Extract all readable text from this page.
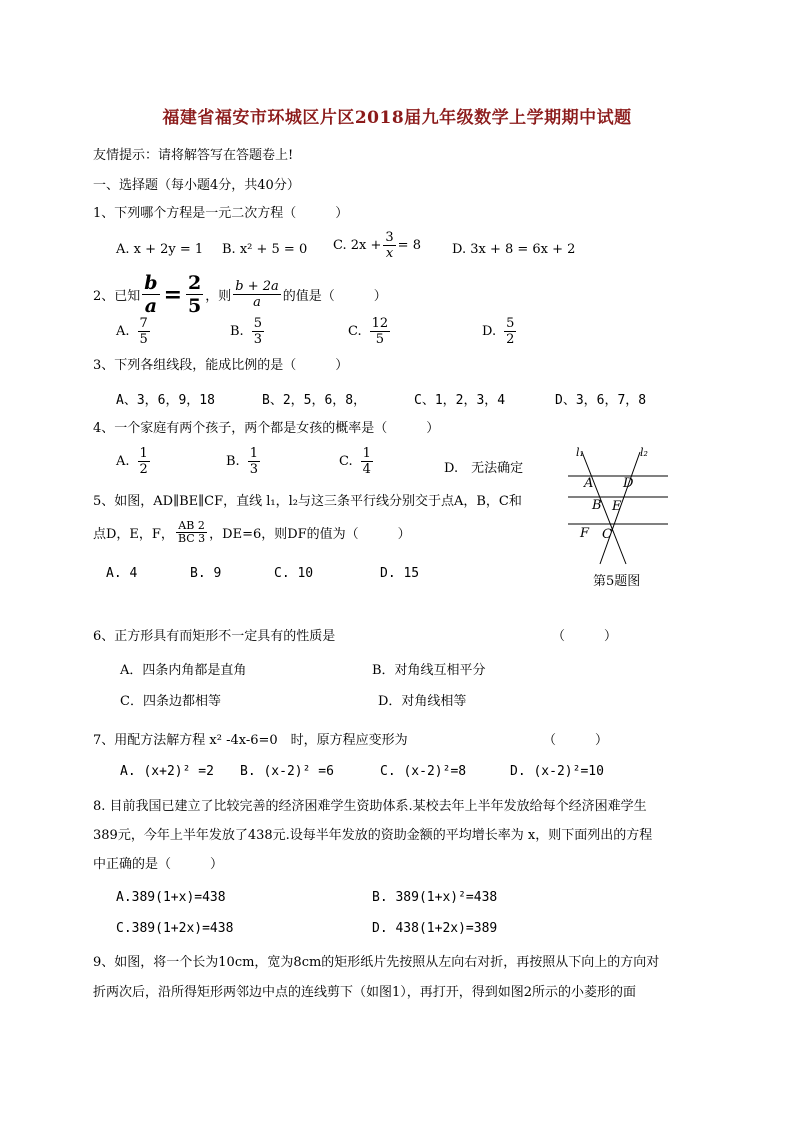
福建省福安市环城区片区2018届九年级数学上学期期中试题
友情提示：请将解答写在答题卷上!
一、选择题（每小题4分，共40分）
1、下列哪个方程是一元二次方程（　　　）
A. x + 2y = 1 B. x² + 5 = 0 C. $2x + \frac{3}{x} = 8$ D. 3x + 8 = 6x + 2
2、已知 $\frac{b}{a} = \frac{2}{5}$ ，则 $\frac{b + 2a}{a}$ 的值是（　　　）
A. $\frac{7}{5}$	B. $\frac{5}{3}$	C. $\frac{12}{5}$	D. $\frac{5}{2}$
3、下列各组线段，能成比例的是（　　　）
A、3，6，9，18	B、2，5，6，8，	C、1，2，3，4	D、3，6，7，8
4、一个家庭有两个孩子，两个都是女孩的概率是（　　　）
A. $\frac{1}{2}$	B. $\frac{1}{3}$	C. $\frac{1}{4}$	D.　无法确定
5、如图，AD∥BE∥CF，直线 l₁，l₂与这三条平行线分别交于点A，B，C和
点D，E，F， $\frac{AB 2}{BC 3}$ ，DE=6，则DF的值为（　　　）
A. 4	B. 9	C. 10	D. 15
l₁	l₂
A D
B E
F C
第5题图
6、正方形具有而矩形不一定具有的性质是	（　　　）
A．四条内角都是直角	B．对角线互相平分
C．四条边都相等	D．对角线相等
7、用配方法解方程 x² -4x-6=0　时，原方程应变形为	（　　　）
A. (x+2)² =2 B. (x-2)² =6	C. (x-2)²=8	D. (x-2)²=10
8. 目前我国已建立了比较完善的经济困难学生资助体系.某校去年上半年发放给每个经济困难学生
389元，今年上半年发放了438元.设每半年发放的资助金额的平均增长率为 x，则下面列出的方程
中正确的是（　　　）
A.389(1+x)=438	B. 389(1+x)²=438
C.389(1+2x)=438	D. 438(1+2x)=389
9、如图，将一个长为10cm，宽为8cm的矩形纸片先按照从左向右对折，再按照从下向上的方向对
折两次后，沿所得矩形两邻边中点的连线剪下（如图1），再打开，得到如图2所示的小菱形的面
